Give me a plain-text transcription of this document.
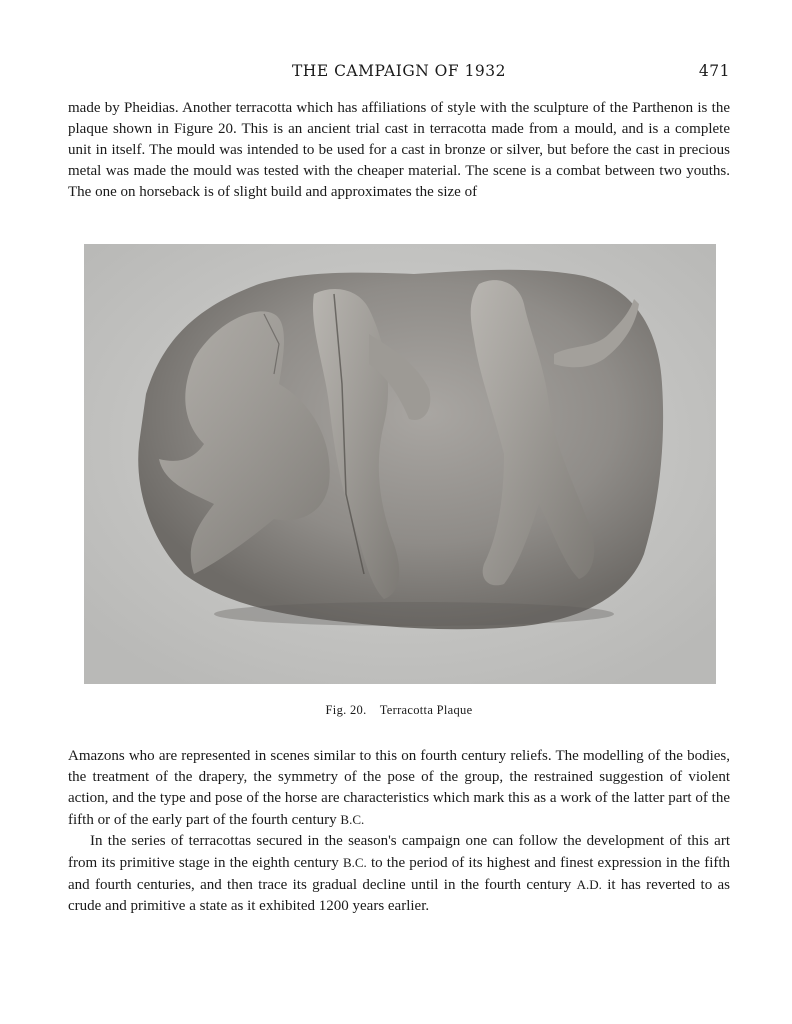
THE CAMPAIGN OF 1932	471

made by Pheidias. Another terracotta which has affiliations of style with the sculpture of the Parthenon is the plaque shown in Figure 20. This is an ancient trial cast in terracotta made from a mould, and is a complete unit in itself. The mould was intended to be used for a cast in bronze or silver, but before the cast in precious metal was made the mould was tested with the cheaper material. The scene is a combat between two youths. The one on horseback is of slight build and approximates the size of

Fig. 20. Terracotta Plaque

Amazons who are represented in scenes similar to this on fourth century reliefs. The modelling of the bodies, the treatment of the drapery, the symmetry of the pose of the group, the restrained suggestion of violent action, and the type and pose of the horse are characteristics which mark this as a work of the latter part of the fifth or of the early part of the fourth century B.C.

In the series of terracottas secured in the season's campaign one can follow the development of this art from its primitive stage in the eighth century B.C. to the period of its highest and finest expression in the fifth and fourth centuries, and then trace its gradual decline until in the fourth century A.D. it has reverted to as crude and primitive a state as it exhibited 1200 years earlier.
